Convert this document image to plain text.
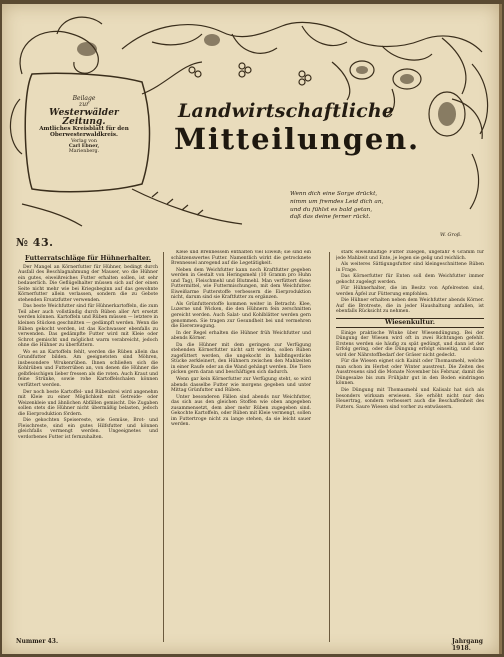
Beilage
zur
Westerwälder Zeitung.
Amtliches Kreisblatt für den
Oberwesterwaldkreis.
Verlag von
Carl Ebner,
Marienberg.
Landwirtschaftliche
Mitteilungen.
Wenn dich eine Sorge drückt,
nimm um fremdes Leid dich an,
und du fühlst es bald getan,
daß das deine ferner rückt.
W. Groß.
№ 43.
Futterratschläge für Hühnerhalter.

Der Mangel an Körnerfutter für Hühner, bedingt durch Ausfall des Beschlagnahmung der Mauser, wo die Hühner ein gutes, eiweißreiches Futter erhalten sollen, ist sehr bedauerlich. Die Geflügelhalter müssen sich auf der einen Seite nicht mehr wie bei Kriegsbeginn auf das gewohnte Körnerfutter allein verlassen, sondern die zu Gebote stehenden Ersatzfutter verwenden.

Das beste Weichfutter sind für Hühnerkartoffeln, die zum Teil aber auch vollständig durch Rüben aller Art ersetzt werden können. Kartoffeln und Rüben müssen — letztere in kleinen Stücken geschnitten — gedämpft werden. Wenn die Rüben gekocht werden, ist das Kochwasser ebenfalls zu verwenden. Das gedämpfte Futter wird mit Kleie oder Schrot gemischt und möglichst warm verabreicht, jedoch ohne die Hühner zu überfüttern.

Wo es an Kartoffeln fehlt, werden die Rüben allein das Grundfutter bilden. Am geeignetsten sind Möhren, insbesondere Wrukenrüben. Ihnen schließen sich die Kohlrüben und Futterrüben an, von denen die Hühner die gelbfleischigen lieber fressen als die roten. Auch Kraut und feine Strünke, sowie rohe Kartoffelschalen können verfüttert werden.

Der noch beste Kartoffel- und Rübenbrei wird angenehm mit Kleie zu einer Möglichkeit mit Getreide- oder Weizenkleie und ähnlichen Abfällen gemischt. Die Zugaben sollen stets die Hühner nicht übermäßig belasten, jedoch die Eierproduktion fördern.

Die gekochten Speisereste, wie Gemüse, Brot- und Fleischreste, sind ein gutes Hilfsfutter und können gleichfalls vermengt werden. Ungeeignetes und verdorbenes Futter ist fernzuhalten.

Kleie und Brennesseln enthalten viel Eiweiß; sie sind ein schätzenswertes Futter. Namentlich wirkt die getrocknete Brennessel anregend auf die Legetätigkeit.

Neben dem Weichfutter kann noch Kraftfutter gegeben werden in Gestalt von Heringsmehl (10 Gramm pro Huhn und Tag), Fleischmehl und Blutmehl. Man verfüttert diese Futtermittel, wie Futtermischungen, mit dem Weichfutter. Eiweißarme Futterstoffe verbessern die Eierproduktion nicht, darum sind sie Kraftfutter zu ergänzen.

Als Grünfutterstoffe kommen weiter in Betracht: Klee, Luzerne und Wicken, die den Hühnern fein zerschnitten gereicht werden. Auch Salat- und Kohlblätter werden gern genommen. Sie tragen zur Gesundheit bei und vermehren die Eiererzeugung.

In der Regel erhalten die Hühner früh Weichfutter und abends Körner.

Da die Hühner mit dem geringen zur Verfügung stehenden Körnerfutter nicht satt werden, sollen Rüben zugefüttert werden, die ungekocht in halbfingerdicke Stücke zerkleinert, den Hühnern zwischen den Mahlzeiten in einer Raufe oder an die Wand gehängt werden. Die Tiere picken gern daran und beschäftigen sich dadurch.

Wenn gar kein Körnerfutter zur Verfügung steht, so wird abends dasselbe Futter wie morgens gegeben und unter Mittag Grünfutter und Rüben.

Unter besonderen Fällen sind abends nur Weichfutter, das sich aus den gleichen Stoffen wie oben angegeben zusammensetzt, dem aber mehr Rüben zugegeben sind. Gekochte Kartoffeln, oder Rüben mit Kleie vermengt, sollen im Futtertroge nicht zu lange stehen, da sie leicht sauer werden.

stark eiweißhaltige Futter zulegen, ungefähr 4 Gramm für jede Mahlzeit und Ente, je legen sie gelig und reichlich.

Als weiteres Sättigungsfutter sind kleingeschnittene Rüben in Frage.

Das Körnerfutter für Enten soll dem Weichfutter immer gekocht zugelegt werden.

Für Hühnerhalter, die im Besitz von Apfelresten sind, werden Äpfel zur Fütterung empfohlen.

Die Hühner erhalten neben dem Weichfutter abends Körner. Auf die Brotreste, die in jeder Haushaltung anfallen, ist ebenfalls Rücksicht zu nehmen.

Wiesenkultur.

Einige praktische Winke über Wiesendüngung. Bei der Düngung der Wiesen wird oft in zwei Richtungen gefehlt. Erstens werden sie häufig zu spät gedüngt, und dann ist der Erfolg gering, oder die Düngung erfolgt einseitig, und dann wird der Nährstoffbedarf der Gräser nicht gedeckt.

Für die Wiesen eignet sich Kainit oder Thomasmehl, welche man schon im Herbst oder Winter ausstreut. Die Zeiten des Ausstreuens sind die Monate November bis Februar, damit die Düngesalze bis zum Frühjahr gut in den Boden eindringen können.

Die Düngung mit Thomasmehl und Kalisalz hat sich als besonders wirksam erwiesen. Sie erhöht nicht nur den Heuertrag, sondern verbessert auch die Beschaffenheit des Futters. Saure Wiesen sind vorher zu entwässern.

Nummer 43.	Jahrgang 1918.
